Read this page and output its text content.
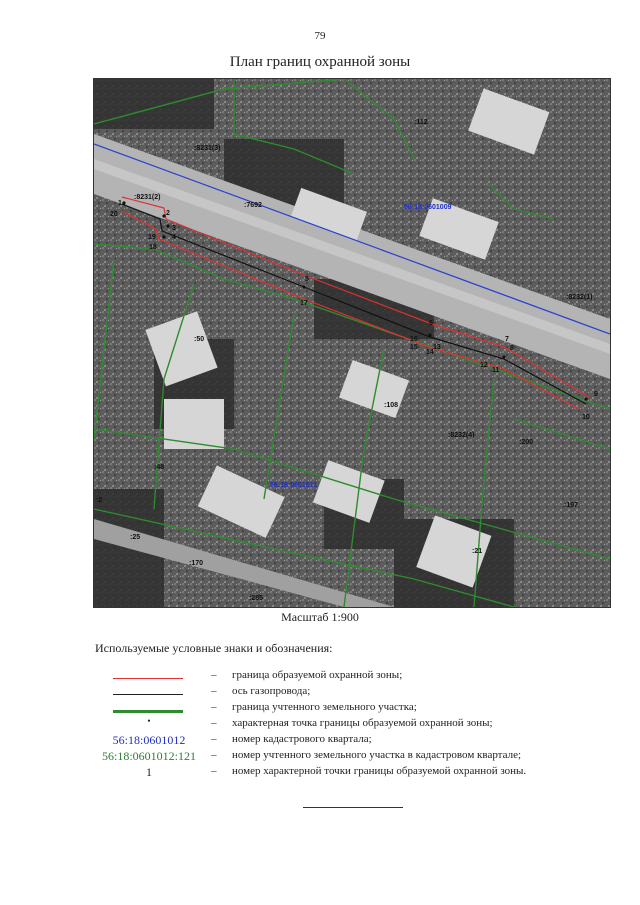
79
План границ охранной зоны
1
2
3
4
5
6
7
8
9
10
11
12
13
14
15
16
17
18
19
20
:112
:8231(3)
:8231(2)
:7692
:8232(1)
:50
:108
:8232(4)
:200
:48
:197
:2
:25
:170
:21
:285
56:18:0601009
56:18:0601011
Масштаб 1:900
Используемые условные знаки и обозначения:
– граница образуемой охранной зоны;
– ось газопровода;
– граница учтенного земельного участка;
•	– характерная точка границы образуемой охранной зоны;
56:18:0601012	– номер кадастрового квартала;
56:18:0601012:121	– номер учтенного земельного участка в кадастровом квартале;
1	– номер характерной точки границы образуемой охранной зоны.
